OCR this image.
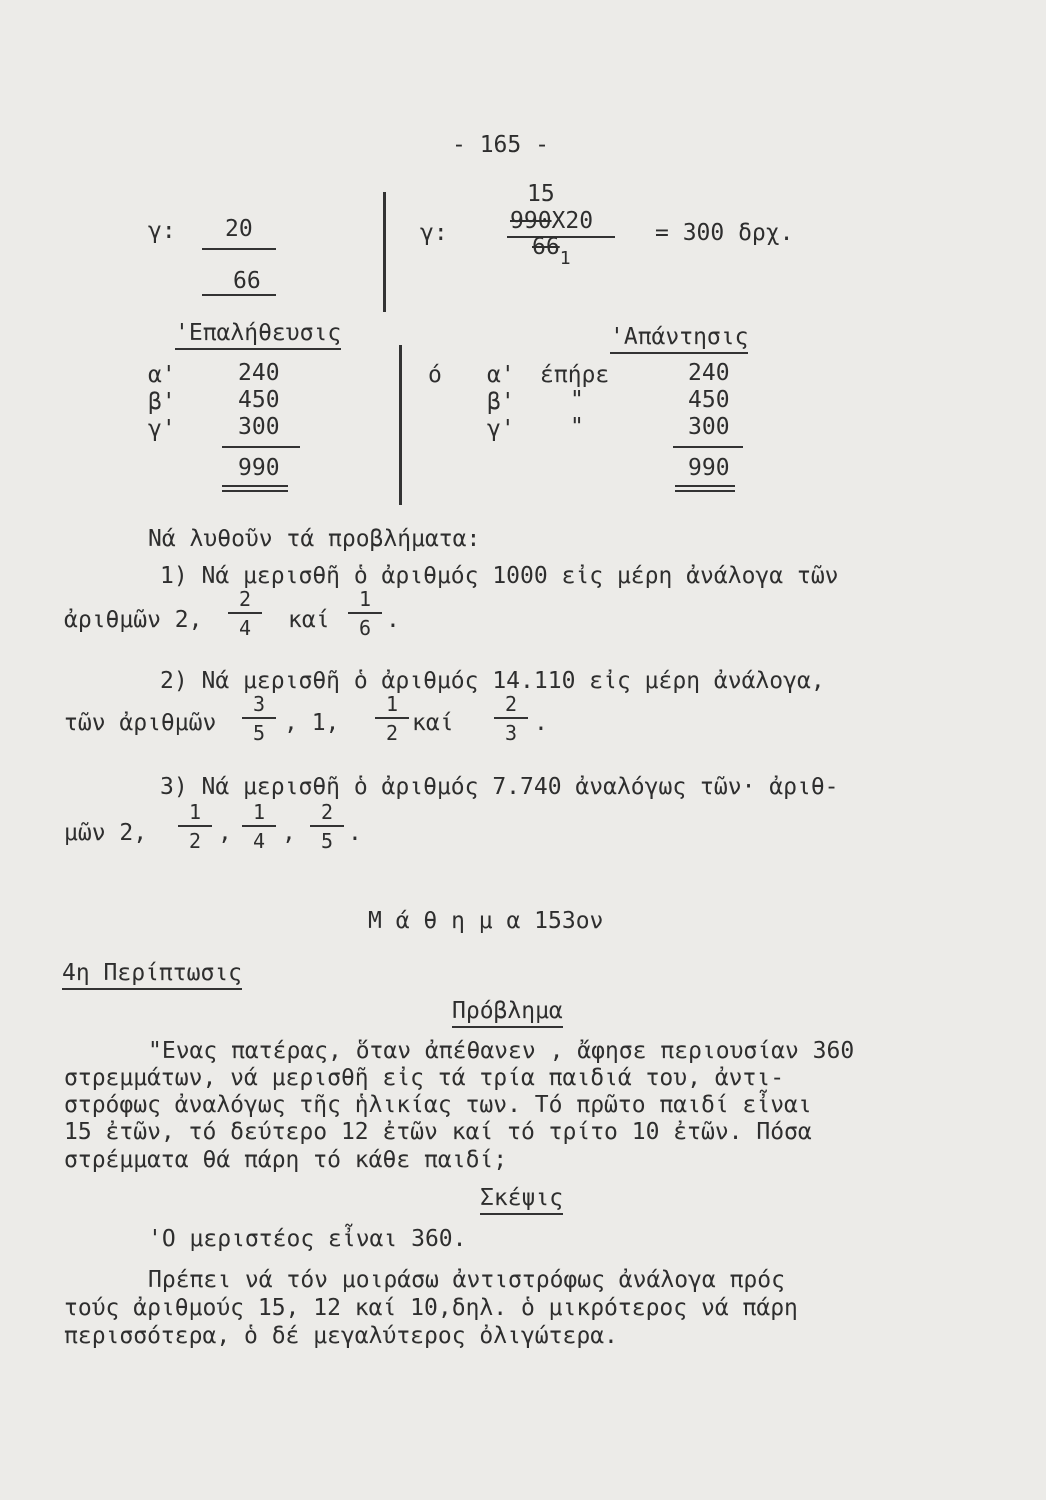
- 165 -
γ: 20
66
γ:
15
990X20
$66_1$
= 300 δρχ.
'Επαλήθευσις	'Απάντησις
α'	240
β'	450
γ'	300
990
ό α' έπήρε	240
β' "	450
γ' "	300
990
Νά λυθοῦν τά προβλήματα:
1) Νά μερισθῆ ὁ ἀριθμός 1000 εἰς μέρη ἀνάλογα τῶν
ἀριθμῶν 2, $\frac{2}{4}$ καί $\frac{1}{6}$ .
2) Νά μερισθῆ ὁ ἀριθμός 14.110 εἰς μέρη ἀνάλογα,
τῶν ἀριθμῶν $\frac{3}{5}$ , 1, $\frac{1}{2}$ καί $\frac{2}{3}$ .
3) Νά μερισθῆ ὁ ἀριθμός 7.740 ἀναλόγως τῶν· ἀριθ-
μῶν 2, $\frac{1}{2}$ , $\frac{1}{4}$ , $\frac{2}{5}$ .
Μ ά θ η μ α 153ον
4η Περίπτωσις
Πρόβλημα
"Ενας πατέρας, ὅταν ἀπέθανεν , ἄφησε περιουσίαν 360
στρεμμάτων, νά μερισθῆ εἰς τά τρία παιδιά του, ἀντι-
στρόφως ἀναλόγως τῆς ἡλικίας των. Τό πρῶτο παιδί εἶναι
15 ἐτῶν, τό δεύτερο 12 ἐτῶν καί τό τρίτο 10 ἐτῶν. Πόσα
στρέμματα θά πάρη τό κάθε παιδί;
Σκέψις
'Ο μεριστέος εἶναι 360.
Πρέπει νά τόν μοιράσω ἀντιστρόφως ἀνάλογα πρός
τούς ἀριθμούς 15, 12 καί 10,δηλ. ὁ μικρότερος νά πάρη
περισσότερα, ὁ δέ μεγαλύτερος ὀλιγώτερα.
